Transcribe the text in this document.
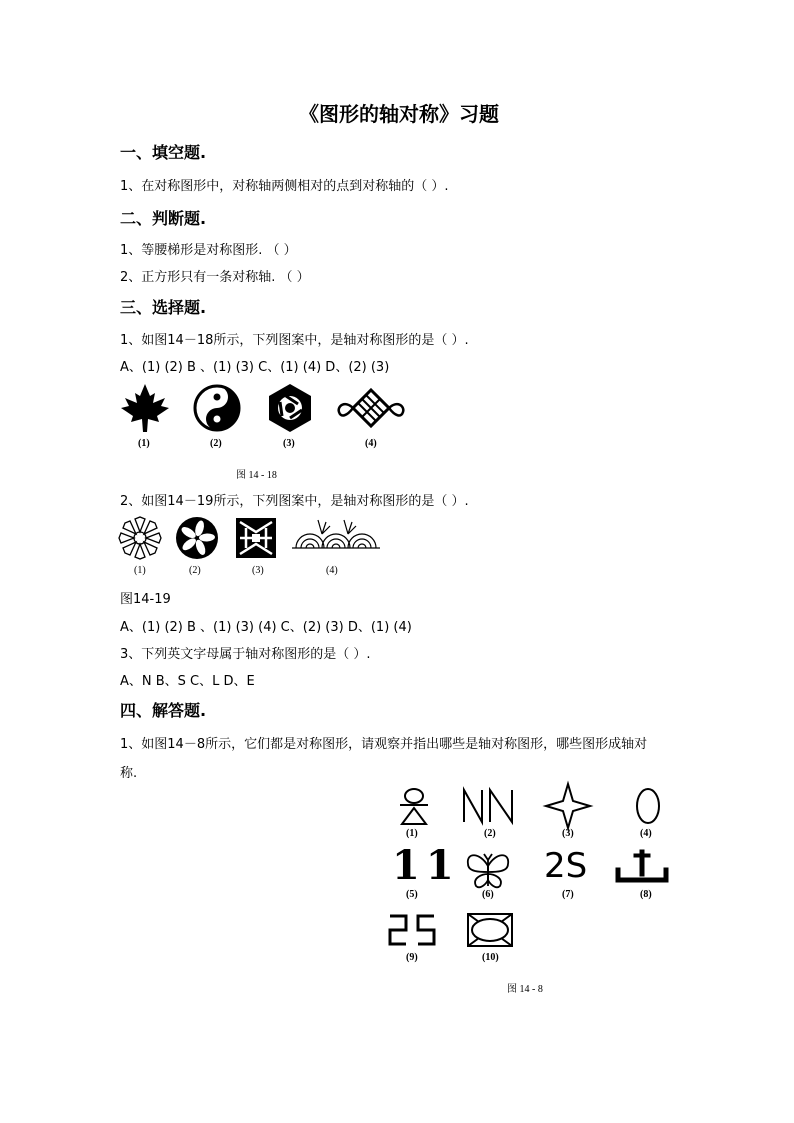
《图形的轴对称》习题
一、填空题.
1、在对称图形中，对称轴两侧相对的点到对称轴的（ ）.
二、判断题.
1、等腰梯形是对称图形. （ ）
2、正方形只有一条对称轴. （ ）
三、选择题.
1、如图14－18所示，下列图案中，是轴对称图形的是（ ）.
A、(1) (2) B 、(1) (3) C、(1) (4) D、(2) (3)
(1)	(2)	(3)	(4)
图 14 - 18
2、如图14－19所示，下列图案中，是轴对称图形的是（ ）.
(1)	(2)	(3)	(4)
图14-19
A、(1) (2) B 、(1) (3) (4) C、(2) (3) D、(1) (4)
3、下列英文字母属于轴对称图形的是（ ）.
A、N B、S C、L D、E
四、解答题.
1、如图14－8所示，它们都是对称图形，请观察并指出哪些是轴对称图形，哪些图形成轴对
称.
11 2S
(1)	(2)	(3)	(4)
(5)	(6)	(7)	(8)
(9)	(10)
图 14 - 8
